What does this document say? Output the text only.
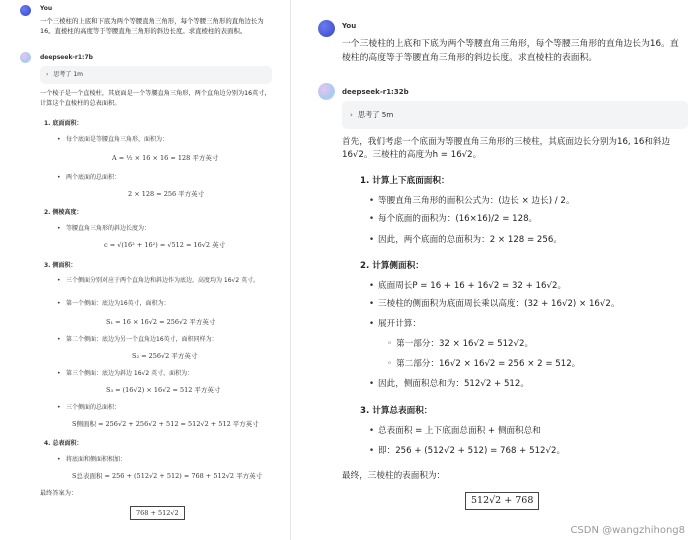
You
一个三棱柱的上底和下底为两个等腰直角三角形，每个等腰三角形的直角边长为16。直棱柱的高度等于等腰直角三角形的斜边长度。求直棱柱的表面积。
deepseek-r1:7b
› 思考了 1m
一个棱子是一个直棱柱，其底面是一个等腰直角三角形，两个直角边分别为16英寸，计算这个直棱柱的总表面积。
1. 底面面积：
• 每个底面是等腰直角三角形，面积为：
A = ½ × 16 × 16 = 128 平方英寸
• 两个底面的总面积：
2 × 128 = 256 平方英寸
2. 侧棱高度：
• 等腰直角三角形的斜边长度为：
c = √(16² + 16²) = √512 = 16√2 英寸
3. 侧面积：
• 三个侧面分别对应于两个直角边和斜边作为底边，高度均为 16√2 英寸。
• 第一个侧面：底边为16英寸，面积为：
S₁ = 16 × 16√2 = 256√2 平方英寸
• 第二个侧面：底边为另一个直角边16英寸，面积同样为：
S₂ = 256√2 平方英寸
• 第三个侧面：底边为斜边 16√2 英寸，面积为：
S₃ = (16√2) × 16√2 = 512 平方英寸
• 三个侧面的总面积：
S侧面积 = 256√2 + 256√2 + 512 = 512√2 + 512 平方英寸
4. 总表面积：
• 将底面和侧面积相加：
S总表面积 = 256 + (512√2 + 512) = 768 + 512√2 平方英寸
最终答案为：
768 + 512√2
You
一个三棱柱的上底和下底为两个等腰直角三角形，每个等腰三角形的直角边长为16。直棱柱的高度等于等腰直角三角形的斜边长度。求直棱柱的表面积。
deepseek-r1:32b
› 思考了 5m
首先，我们考虑一个底面为等腰直角三角形的三棱柱，其底面边长分别为16, 16和斜边16√2。三棱柱的高度为h = 16√2。
1. 计算上下底面面积：
• 等腰直角三角形的面积公式为：(边长 × 边长) / 2。
• 每个底面的面积为：(16×16)/2 = 128。
• 因此，两个底面的总面积为：2 × 128 = 256。
2. 计算侧面积：
• 底面周长P = 16 + 16 + 16√2 = 32 + 16√2。
• 三棱柱的侧面积为底面周长乘以高度：(32 + 16√2) × 16√2。
• 展开计算：
◦ 第一部分：32 × 16√2 = 512√2。
◦ 第二部分：16√2 × 16√2 = 256 × 2 = 512。
• 因此，侧面积总和为：512√2 + 512。
3. 计算总表面积：
• 总表面积 = 上下底面总面积 + 侧面积总和
• 即：256 + (512√2 + 512) = 768 + 512√2。
最终，三棱柱的表面积为：
512√2 + 768
CSDN @wangzhihong8
